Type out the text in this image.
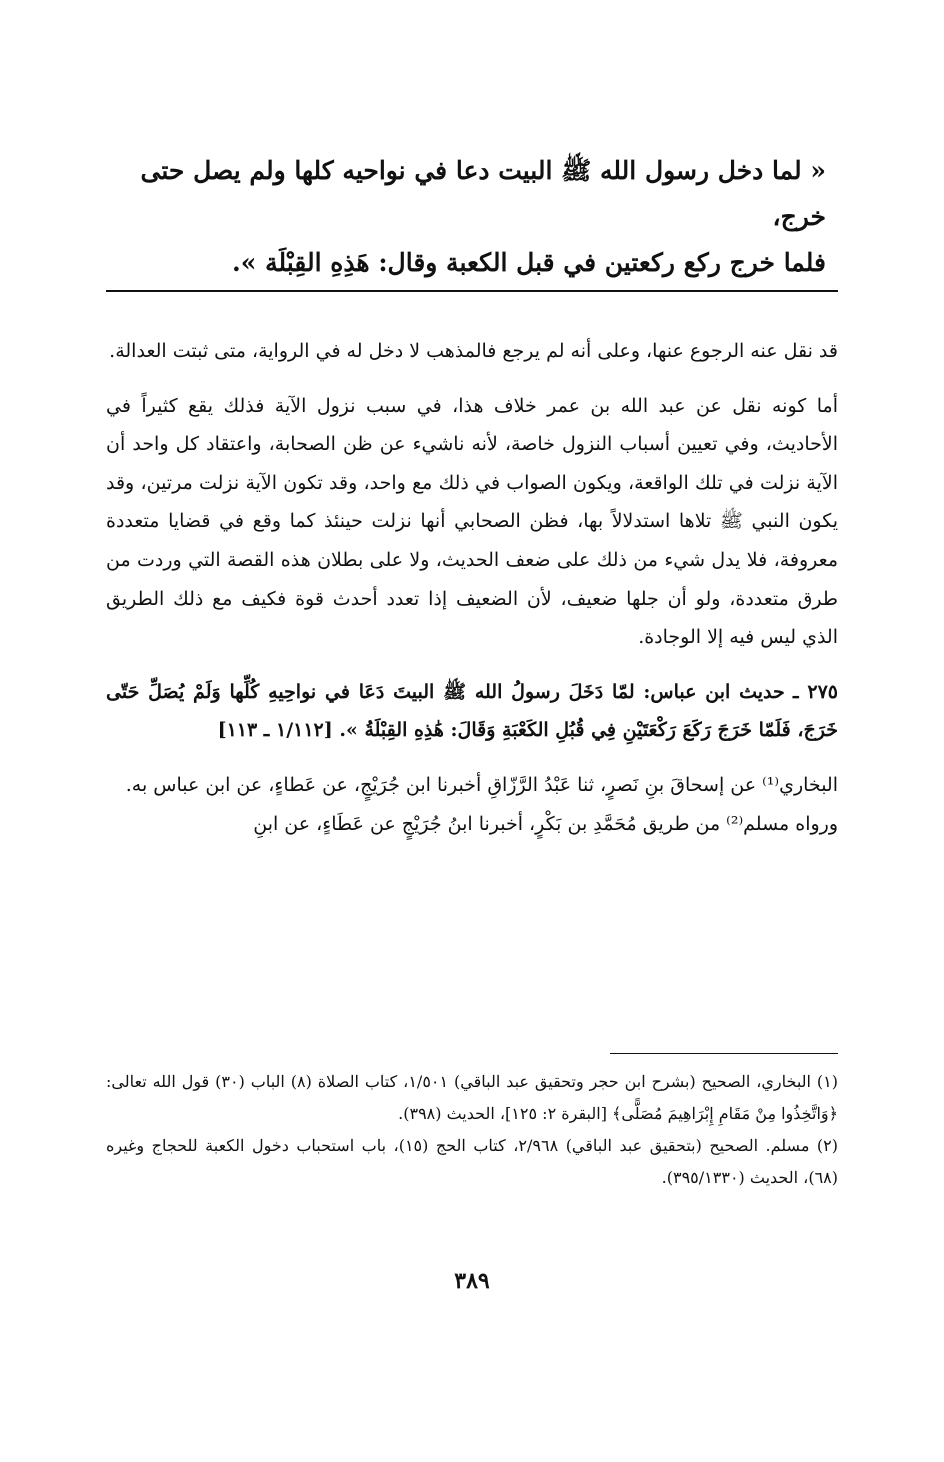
« لما دخل رسول الله ﷺ البيت دعا في نواحيه كلها ولم يصل حتى خرج،
فلما خرج ركع ركعتين في قبل الكعبة وقال: هَذِهِ القِبْلَة ».

قد نقل عنه الرجوع عنها، وعلى أنه لم يرجع فالمذهب لا دخل له في الرواية، متى ثبتت العدالة.

أما كونه نقل عن عبد الله بن عمر خلاف هذا، في سبب نزول الآية فذلك يقع كثيراً في الأحاديث، وفي تعيين أسباب النزول خاصة، لأنه ناشيء عن ظن الصحابة، واعتقاد كل واحد أن الآية نزلت في تلك الواقعة، ويكون الصواب في ذلك مع واحد، وقد تكون الآية نزلت مرتين، وقد يكون النبي ﷺ تلاها استدلالاً بها، فظن الصحابي أنها نزلت حينئذ كما وقع في قضايا متعددة معروفة، فلا يدل شيء من ذلك على ضعف الحديث، ولا على بطلان هذه القصة التي وردت من طرق متعددة، ولو أن جلها ضعيف، لأن الضعيف إذا تعدد أحدث قوة فكيف مع ذلك الطريق الذي ليس فيه إلا الوجادة.

٢٧٥ ـ حديث ابن عباس: لمّا دَخَلَ رسولُ الله ﷺ البيتَ دَعَا في نواحِيهِ كُلِّها وَلَمْ يُصَلِّ حَتّى خَرَجَ، فَلَمّا خَرَجَ رَكَعَ رَكْعَتَيْنِ فِي قُبُلِ الكَعْبَةِ وَقَالَ: هَٰذِهِ القِبْلَةُ ». [١/١١٢ ـ ١١٣]

البخاري⁽¹⁾ عن إسحاقَ بنِ نَصرٍ، ثنا عَبْدُ الرَّزّاقِ أخبرنا ابن جُرَيْجٍ، عن عَطاءٍ، عن ابن عباس به.

ورواه مسلم⁽²⁾ من طريق مُحَمَّدِ بن بَكْرٍ، أخبرنا ابنُ جُرَيْجٍ عن عَطَاءٍ، عن ابنِ

(١) البخاري، الصحيح (بشرح ابن حجر وتحقيق عبد الباقي) ١/٥٠١، كتاب الصلاة (٨) الباب (٣٠) قول الله تعالى: ﴿وَاتَّخِذُوا مِنْ مَقَامِ إِبْرَاهِيمَ مُصَلًّى﴾ [البقرة ٢: ١٢٥]، الحديث (٣٩٨).

(٢) مسلم. الصحيح (بتحقيق عبد الباقي) ٢/٩٦٨، كتاب الحج (١٥)، باب استحباب دخول الكعبة للحجاج وغيره (٦٨)، الحديث (٣٩٥/١٣٣٠).

٣٨٩
